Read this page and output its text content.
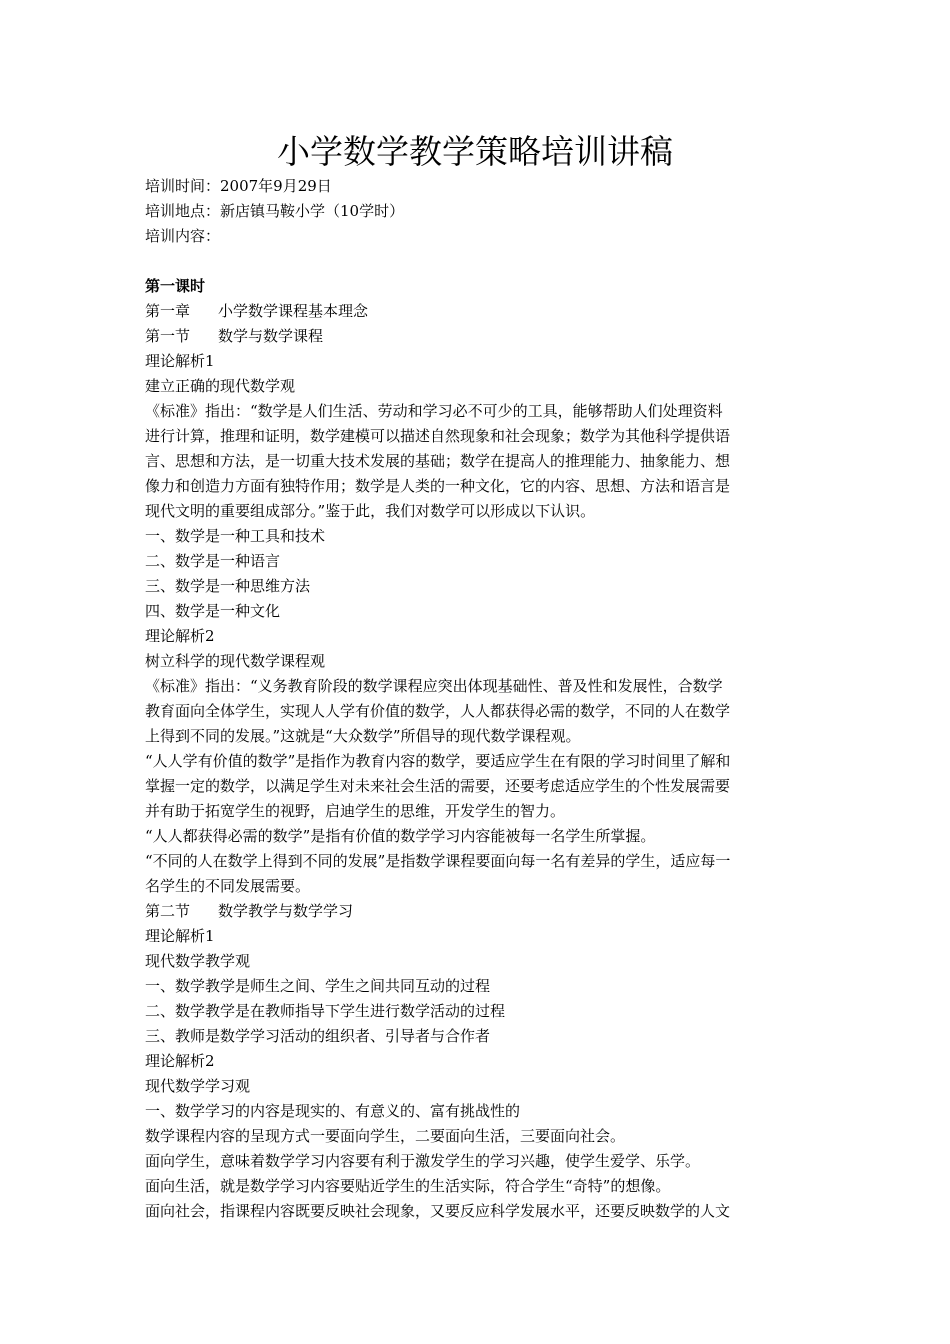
小学数学教学策略培训讲稿
培训时间：2007年9月29日
培训地点：新店镇马鞍小学（10学时）
培训内容：
第一课时
第一章 小学数学课程基本理念
第一节 数学与数学课程
理论解析1
建立正确的现代数学观
《标准》指出：“数学是人们生活、劳动和学习必不可少的工具，能够帮助人们处理资料
进行计算，推理和证明，数学建模可以描述自然现象和社会现象；数学为其他科学提供语
言、思想和方法，是一切重大技术发展的基础；数学在提高人的推理能力、抽象能力、想
像力和创造力方面有独特作用；数学是人类的一种文化，它的内容、思想、方法和语言是
现代文明的重要组成部分。”鉴于此，我们对数学可以形成以下认识。
一、数学是一种工具和技术
二、数学是一种语言
三、数学是一种思维方法
四、数学是一种文化
理论解析2
树立科学的现代数学课程观
《标准》指出：“义务教育阶段的数学课程应突出体现基础性、普及性和发展性，合数学
教育面向全体学生，实现人人学有价值的数学，人人都获得必需的数学，不同的人在数学
上得到不同的发展。”这就是“大众数学”所倡导的现代数学课程观。
“人人学有价值的数学”是指作为教育内容的数学，要适应学生在有限的学习时间里了解和
掌握一定的数学，以满足学生对未来社会生活的需要，还要考虑适应学生的个性发展需要
并有助于拓宽学生的视野，启迪学生的思维，开发学生的智力。
“人人都获得必需的数学”是指有价值的数学学习内容能被每一名学生所掌握。
“不同的人在数学上得到不同的发展”是指数学课程要面向每一名有差异的学生，适应每一
名学生的不同发展需要。
第二节 数学教学与数学学习
理论解析1
现代数学教学观
一、数学教学是师生之间、学生之间共同互动的过程
二、数学教学是在教师指导下学生进行数学活动的过程
三、教师是数学学习活动的组织者、引导者与合作者
理论解析2
现代数学学习观
一、数学学习的内容是现实的、有意义的、富有挑战性的
数学课程内容的呈现方式一要面向学生，二要面向生活，三要面向社会。
面向学生，意味着数学学习内容要有利于激发学生的学习兴趣，使学生爱学、乐学。
面向生活，就是数学学习内容要贴近学生的生活实际，符合学生“奇特”的想像。
面向社会，指课程内容既要反映社会现象，又要反应科学发展水平，还要反映数学的人文
